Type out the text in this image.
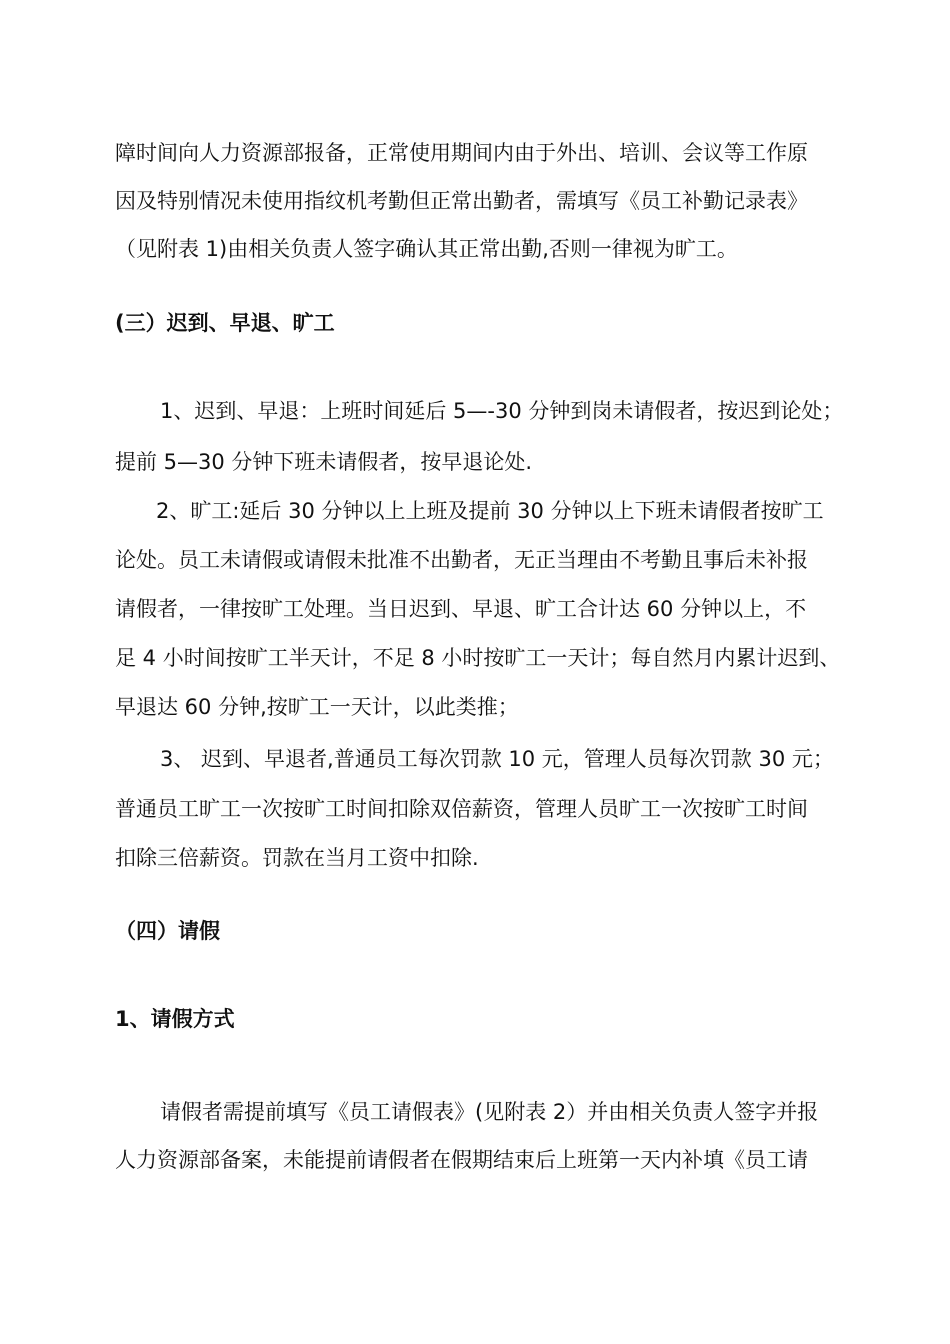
障时间向人力资源部报备，正常使用期间内由于外出、培训、会议等工作原
因及特别情况未使用指纹机考勤但正常出勤者，需填写《员工补勤记录表》
（见附表 1)由相关负责人签字确认其正常出勤,否则一律视为旷工。
(三）迟到、早退、旷工
1、迟到、早退：上班时间延后 5—-30 分钟到岗未请假者，按迟到论处；
提前 5—30 分钟下班未请假者，按早退论处.
2、旷工:延后 30 分钟以上上班及提前 30 分钟以上下班未请假者按旷工
论处。员工未请假或请假未批准不出勤者，无正当理由不考勤且事后未补报
请假者，一律按旷工处理。当日迟到、早退、旷工合计达 60 分钟以上，不
足 4 小时间按旷工半天计，不足 8 小时按旷工一天计；每自然月内累计迟到、
早退达 60 分钟,按旷工一天计，以此类推；
3、 迟到、早退者,普通员工每次罚款 10 元，管理人员每次罚款 30 元；
普通员工旷工一次按旷工时间扣除双倍薪资，管理人员旷工一次按旷工时间
扣除三倍薪资。罚款在当月工资中扣除.
（四）请假
1、请假方式
请假者需提前填写《员工请假表》(见附表 2）并由相关负责人签字并报
人力资源部备案，未能提前请假者在假期结束后上班第一天内补填《员工请
